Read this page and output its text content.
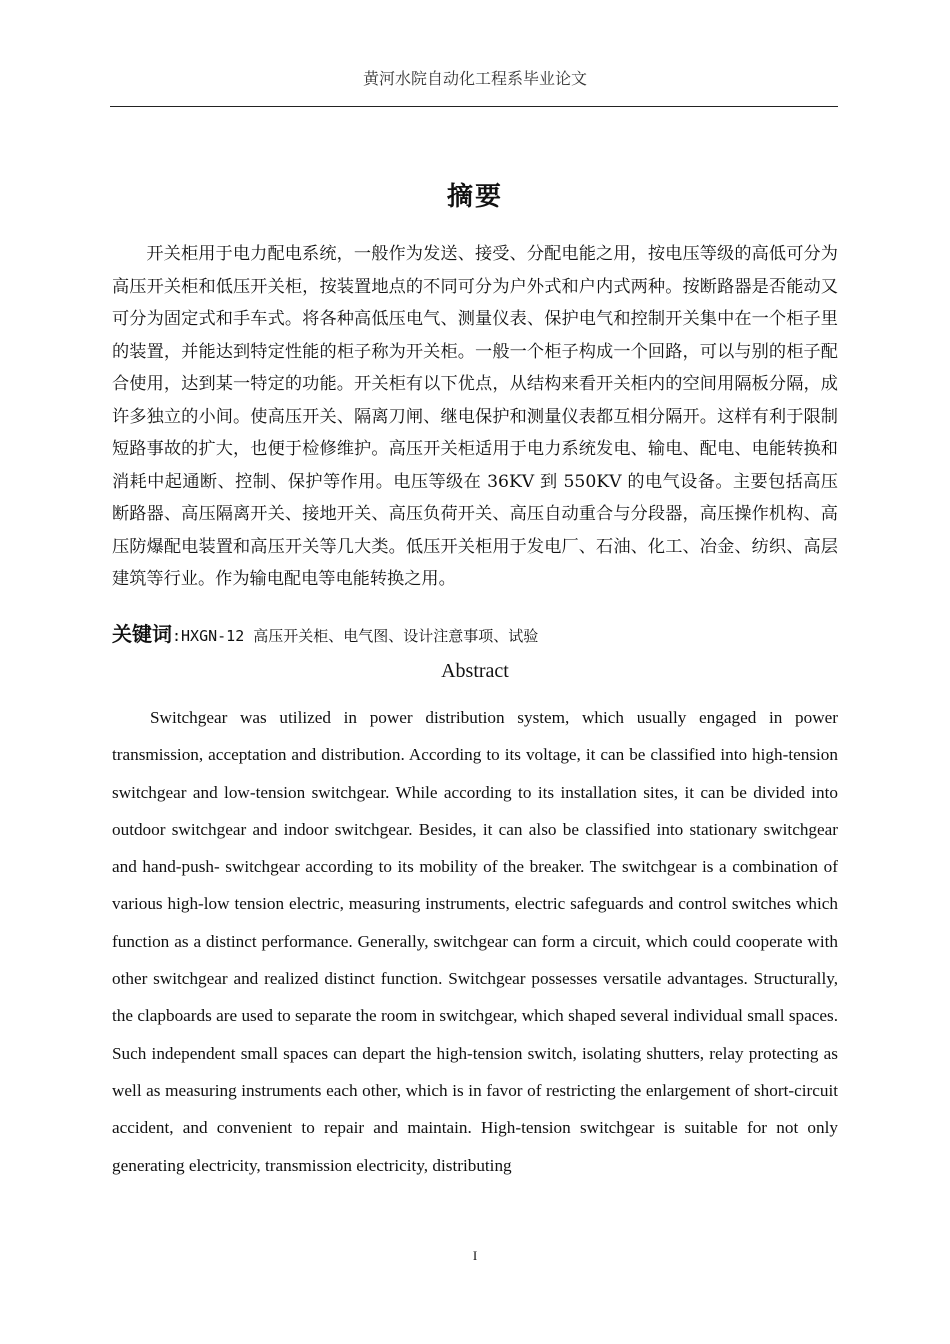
黄河水院自动化工程系毕业论文
摘要

开关柜用于电力配电系统，一般作为发送、接受、分配电能之用，按电压等级的高低可分为高压开关柜和低压开关柜，按装置地点的不同可分为户外式和户内式两种。按断路器是否能动又可分为固定式和手车式。将各种高低压电气、测量仪表、保护电气和控制开关集中在一个柜子里的装置，并能达到特定性能的柜子称为开关柜。一般一个柜子构成一个回路，可以与别的柜子配合使用，达到某一特定的功能。开关柜有以下优点，从结构来看开关柜内的空间用隔板分隔，成许多独立的小间。使高压开关、隔离刀闸、继电保护和测量仪表都互相分隔开。这样有利于限制短路事故的扩大，也便于检修维护。高压开关柜适用于电力系统发电、输电、配电、电能转换和消耗中起通断、控制、保护等作用。电压等级在 36KV 到 550KV 的电气设备。主要包括高压断路器、高压隔离开关、接地开关、高压负荷开关、高压自动重合与分段器，高压操作机构、高压防爆配电装置和高压开关等几大类。低压开关柜用于发电厂、石油、化工、冶金、纺织、高层建筑等行业。作为输电配电等电能转换之用。

关键词:HXGN-12 高压开关柜、电气图、设计注意事项、试验
Abstract

Switchgear was utilized in power distribution system, which usually engaged in power transmission, acceptation and distribution. According to its voltage, it can be classified into high-tension switchgear and low-tension switchgear. While according to its installation sites, it can be divided into outdoor switchgear and indoor switchgear. Besides, it can also be classified into stationary switchgear and hand-push- switchgear according to its mobility of the breaker. The switchgear is a combination of various high-low tension electric, measuring instruments, electric safeguards and control switches which function as a distinct performance. Generally, switchgear can form a circuit, which could cooperate with other switchgear and realized distinct function. Switchgear possesses versatile advantages. Structurally, the clapboards are used to separate the room in switchgear, which shaped several individual small spaces. Such independent small spaces can depart the high-tension switch, isolating shutters, relay protecting as well as measuring instruments each other, which is in favor of restricting the enlargement of short-circuit accident, and convenient to repair and maintain. High-tension switchgear is suitable for not only generating electricity, transmission electricity, distributing

I
